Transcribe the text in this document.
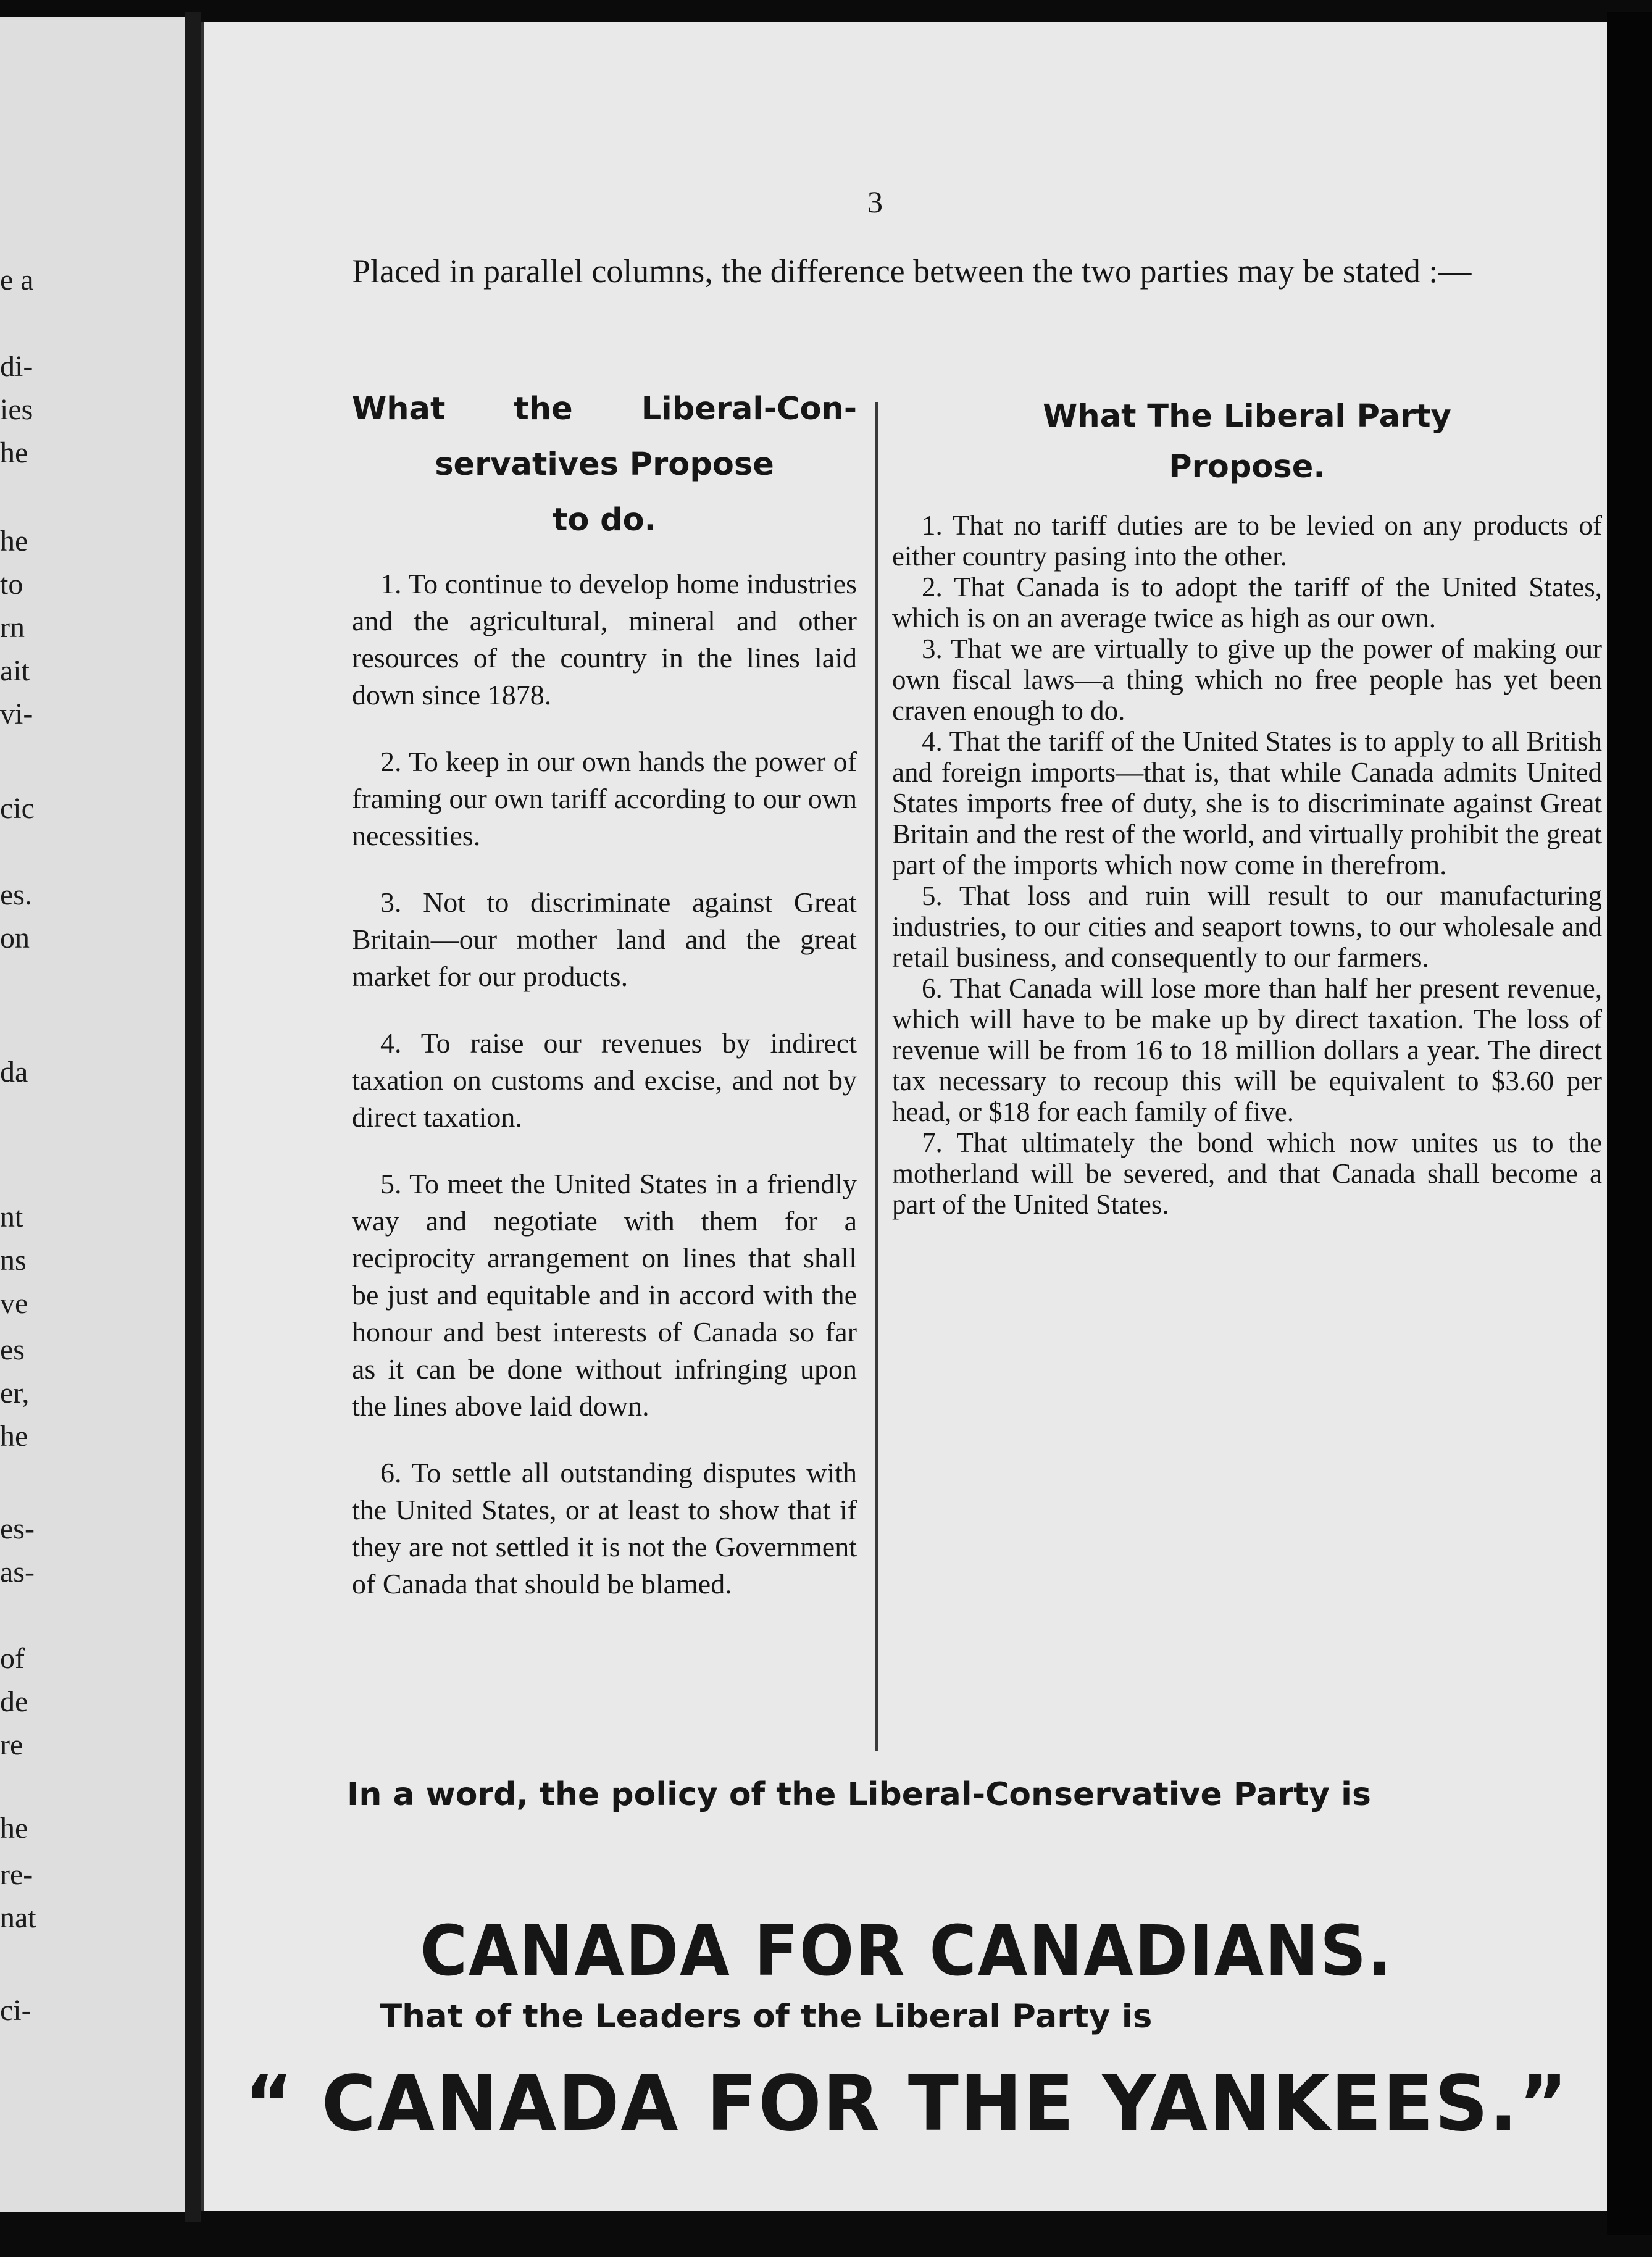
e a
di-
ies
he
he
to
rn
ait
vi-
cic
es.
on
da
nt
ns
ve
es
er,
he
es-
as-
of
de
re
he
re-
nat
ci-
3
Placed in parallel columns, the difference between the two parties may be stated :—
What the Liberal-Con-
servatives Propose
to do.
What The Liberal Party
Propose.
1. To continue to develop home industries and the agricultural, mineral and other resources of the country in the lines laid down since 1878.
2. To keep in our own hands the power of framing our own tariff according to our own necessities.
3. Not to discriminate against Great Britain—our mother land and the great market for our products.
4. To raise our revenues by indirect taxation on customs and excise, and not by direct taxation.
5. To meet the United States in a friendly way and negotiate with them for a reciprocity arrangement on lines that shall be just and equitable and in accord with the honour and best interests of Canada so far as it can be done without infringing upon the lines above laid down.
6. To settle all outstanding disputes with the United States, or at least to show that if they are not settled it is not the Government of Canada that should be blamed.
1. That no tariff duties are to be levied on any products of either country pasing into the other.
2. That Canada is to adopt the tariff of the United States, which is on an average twice as high as our own.
3. That we are virtually to give up the power of making our own fiscal laws—a thing which no free people has yet been craven enough to do.
4. That the tariff of the United States is to apply to all British and foreign imports—that is, that while Canada admits United States imports free of duty, she is to discriminate against Great Britain and the rest of the world, and virtually prohibit the great part of the imports which now come in therefrom.
5. That loss and ruin will result to our manufacturing industries, to our cities and seaport towns, to our wholesale and retail business, and consequently to our farmers.
6. That Canada will lose more than half her present revenue, which will have to be make up by direct taxation. The loss of revenue will be from 16 to 18 million dollars a year. The direct tax necessary to recoup this will be equivalent to $3.60 per head, or $18 for each family of five.
7. That ultimately the bond which now unites us to the motherland will be severed, and that Canada shall become a part of the United States.
In a word, the policy of the Liberal-Conservative Party is
CANADA FOR CANADIANS.
That of the Leaders of the Liberal Party is
“ CANADA FOR THE YANKEES.”
